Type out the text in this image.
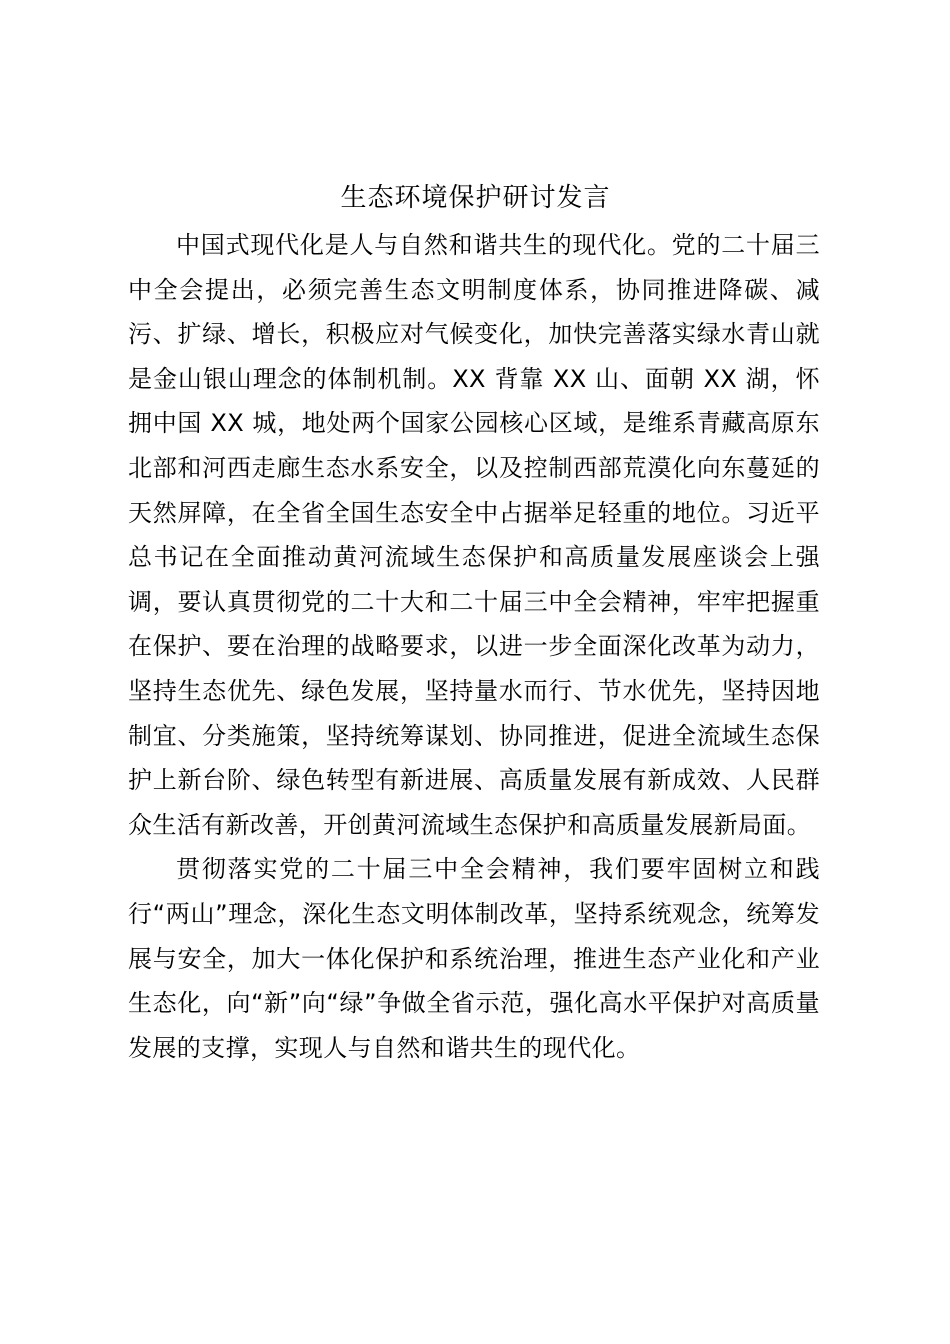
生态环境保护研讨发言

中国式现代化是人与自然和谐共生的现代化。党的二十届三中全会提出，必须完善生态文明制度体系，协同推进降碳、减污、扩绿、增长，积极应对气候变化，加快完善落实绿水青山就是金山银山理念的体制机制。XX 背靠 XX 山、面朝 XX 湖，怀拥中国 XX 城，地处两个国家公园核心区域，是维系青藏高原东北部和河西走廊生态水系安全，以及控制西部荒漠化向东蔓延的天然屏障，在全省全国生态安全中占据举足轻重的地位。习近平总书记在全面推动黄河流域生态保护和高质量发展座谈会上强调，要认真贯彻党的二十大和二十届三中全会精神，牢牢把握重在保护、要在治理的战略要求，以进一步全面深化改革为动力，坚持生态优先、绿色发展，坚持量水而行、节水优先，坚持因地制宜、分类施策，坚持统筹谋划、协同推进，促进全流域生态保护上新台阶、绿色转型有新进展、高质量发展有新成效、人民群众生活有新改善，开创黄河流域生态保护和高质量发展新局面。

贯彻落实党的二十届三中全会精神，我们要牢固树立和践行“两山”理念，深化生态文明体制改革，坚持系统观念，统筹发展与安全，加大一体化保护和系统治理，推进生态产业化和产业生态化，向“新”向“绿”争做全省示范，强化高水平保护对高质量发展的支撑，实现人与自然和谐共生的现代化。
